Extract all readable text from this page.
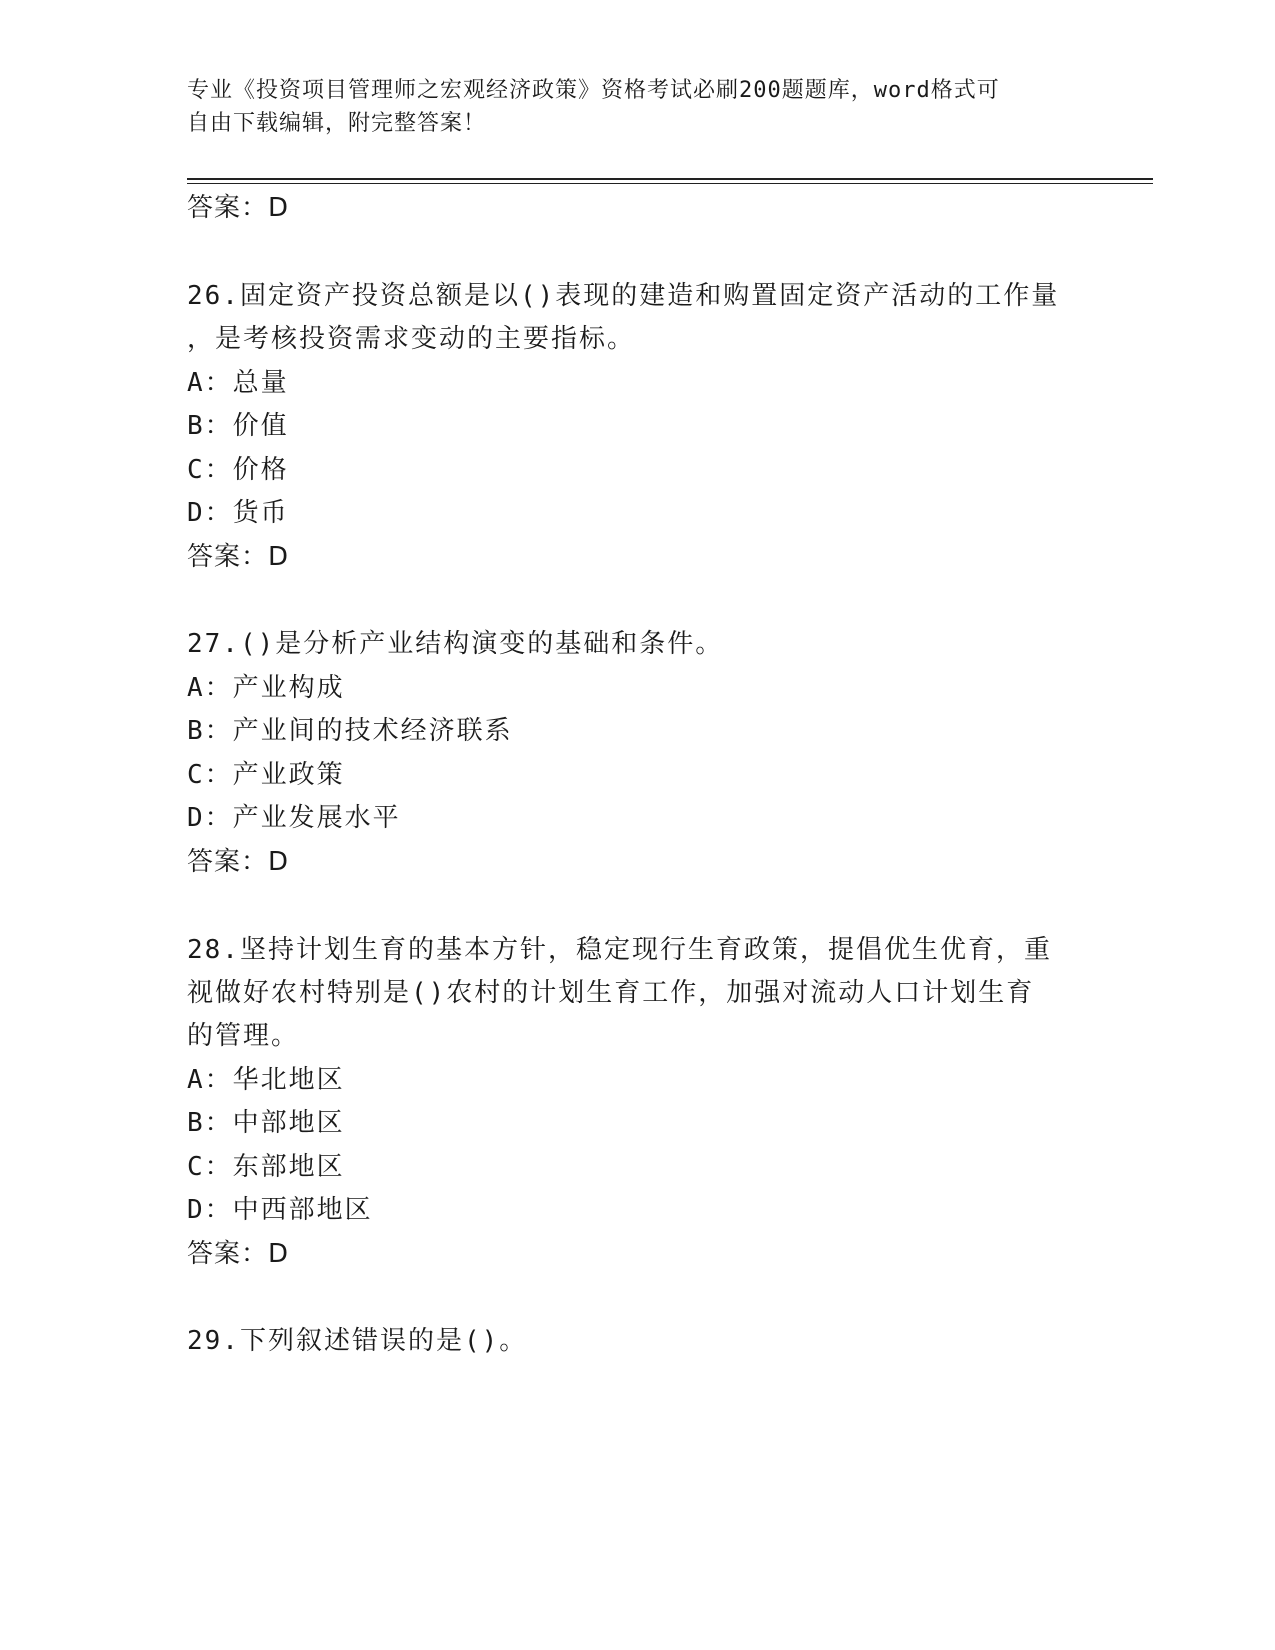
专业《投资项目管理师之宏观经济政策》资格考试必刷200题题库，word格式可
自由下载编辑，附完整答案！
答案：D
26.固定资产投资总额是以()表现的建造和购置固定资产活动的工作量
，是考核投资需求变动的主要指标。
A：总量
B：价值
C：价格
D：货币
答案：D
27.()是分析产业结构演变的基础和条件。
A：产业构成
B：产业间的技术经济联系
C：产业政策
D：产业发展水平
答案：D
28.坚持计划生育的基本方针，稳定现行生育政策，提倡优生优育，重
视做好农村特别是()农村的计划生育工作，加强对流动人口计划生育
的管理。
A：华北地区
B：中部地区
C：东部地区
D：中西部地区
答案：D
29.下列叙述错误的是()。
